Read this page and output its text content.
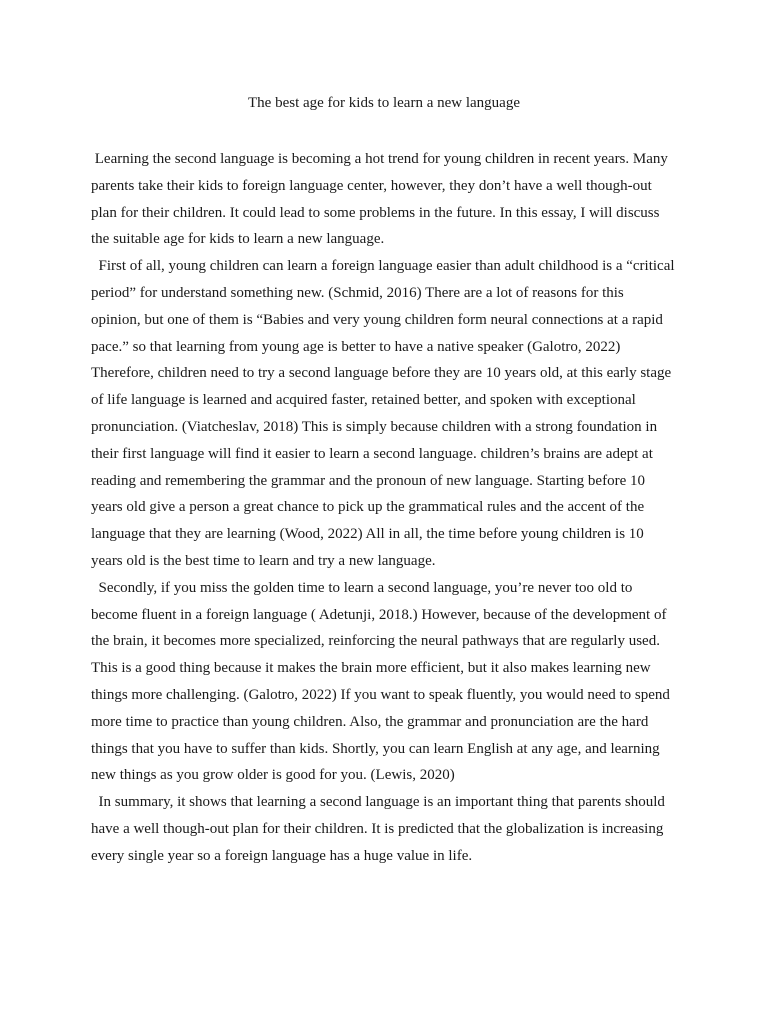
The best age for kids to learn a new language
Learning the second language is becoming a hot trend for young children in recent years. Many
parents take their kids to foreign language center, however, they don’t have a well though-out
plan for their children. It could lead to some problems in the future. In this essay, I will discuss
the suitable age for kids to learn a new language.
First of all, young children can learn a foreign language easier than adult childhood is a “critical
period” for understand something new. (Schmid, 2016) There are a lot of reasons for this
opinion, but one of them is “Babies and very young children form neural connections at a rapid
pace.” so that learning from young age is better to have a native speaker (Galotro, 2022)
Therefore, children need to try a second language before they are 10 years old, at this early stage
of life language is learned and acquired faster, retained better, and spoken with exceptional
pronunciation. (Viatcheslav, 2018) This is simply because children with a strong foundation in
their first language will find it easier to learn a second language. children’s brains are adept at
reading and remembering the grammar and the pronoun of new language. Starting before 10
years old give a person a great chance to pick up the grammatical rules and the accent of the
language that they are learning (Wood, 2022) All in all, the time before young children is 10
years old is the best time to learn and try a new language.
Secondly, if you miss the golden time to learn a second language, you’re never too old to
become fluent in a foreign language ( Adetunji, 2018.) However, because of the development of
the brain, it becomes more specialized, reinforcing the neural pathways that are regularly used.
This is a good thing because it makes the brain more efficient, but it also makes learning new
things more challenging. (Galotro, 2022) If you want to speak fluently, you would need to spend
more time to practice than young children. Also, the grammar and pronunciation are the hard
things that you have to suffer than kids. Shortly, you can learn English at any age, and learning
new things as you grow older is good for you. (Lewis, 2020)
In summary, it shows that learning a second language is an important thing that parents should
have a well though-out plan for their children. It is predicted that the globalization is increasing
every single year so a foreign language has a huge value in life.
